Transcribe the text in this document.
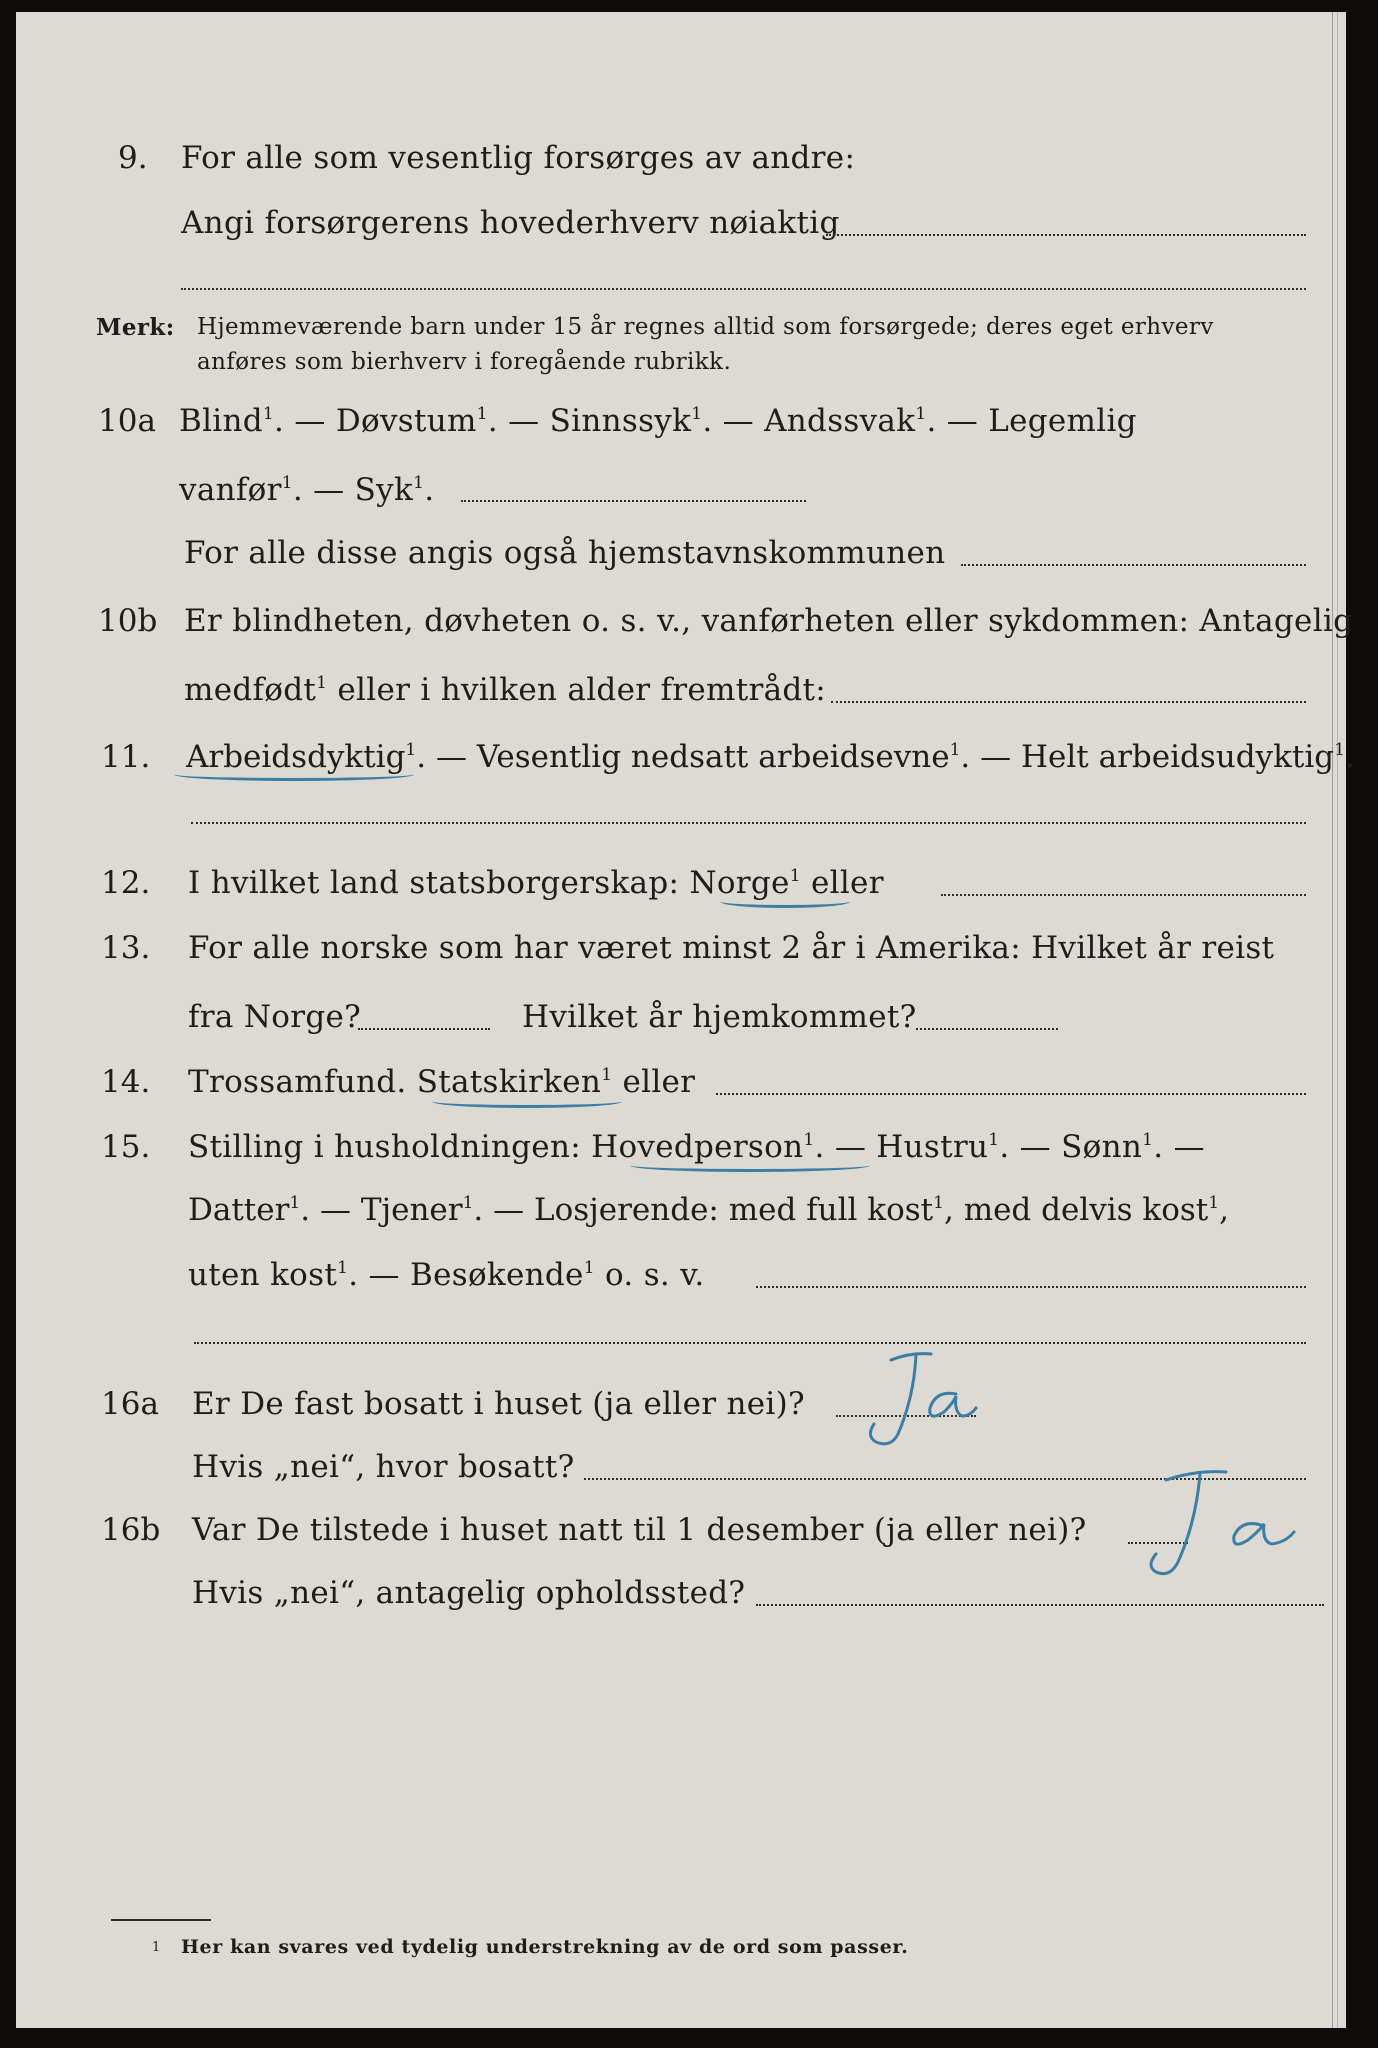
9. For alle som vesentlig forsørges av andre:
Angi forsørgerens hovederhverv nøiaktig
Merk: Hjemmeværende barn under 15 år regnes alltid som forsørgede; deres eget erhverv
anføres som bierhverv i foregående rubrikk.
10a Blind$^1$. — Døvstum$^1$. — Sinnssyk$^1$. — Andssvak$^1$. — Legemlig
vanfør$^1$. — Syk$^1$.
For alle disse angis også hjemstavnskommunen
10b Er blindheten, døvheten o. s. v., vanførheten eller sykdommen: Antagelig
medfødt$^1$ eller i hvilken alder fremtrådt:
11. Arbeidsdyktig$^1$. — Vesentlig nedsatt arbeidsevne$^1$. — Helt arbeidsudyktig$^1$.
12. I hvilket land statsborgerskap: Norge$^1$ eller
13. For alle norske som har været minst 2 år i Amerika: Hvilket år reist
fra Norge?	Hvilket år hjemkommet?
14. Trossamfund. Statskirken$^1$ eller
15. Stilling i husholdningen: Hovedperson$^1$. — Hustru$^1$. — Sønn$^1$. —
Datter$^1$. — Tjener$^1$. — Losjerende: med full kost$^1$, med delvis kost$^1$,
uten kost$^1$. — Besøkende$^1$ o. s. v.
16a Er De fast bosatt i huset (ja eller nei)?
Ja
Hvis „nei“, hvor bosatt?
16b Var De tilstede i huset natt til 1 desember (ja eller nei)?
Ja
Hvis „nei“, antagelig opholdssted?
1 Her kan svares ved tydelig understrekning av de ord som passer.
